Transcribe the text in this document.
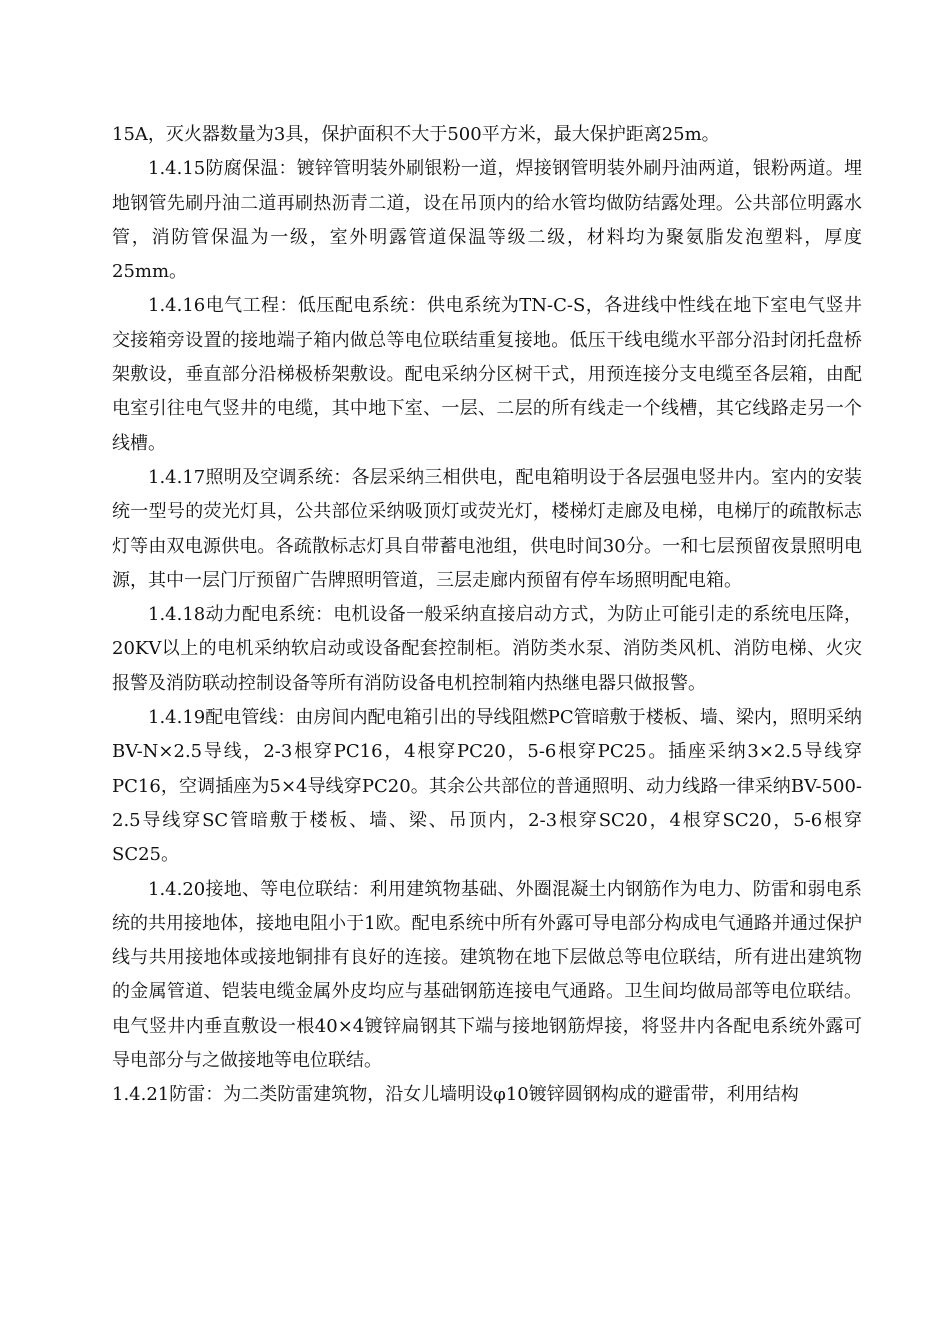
15A，灭火器数量为3具，保护面积不大于500平方米，最大保护距离25m。

1.4.15防腐保温：镀锌管明装外刷银粉一道，焊接钢管明装外刷丹油两道，银粉两道。埋地钢管先刷丹油二道再刷热沥青二道，设在吊顶内的给水管均做防结露处理。公共部位明露水管，消防管保温为一级，室外明露管道保温等级二级，材料均为聚氨脂发泡塑料，厚度25mm。

1.4.16电气工程：低压配电系统：供电系统为TN-C-S，各进线中性线在地下室电气竖井交接箱旁设置的接地端子箱内做总等电位联结重复接地。低压干线电缆水平部分沿封闭托盘桥架敷设，垂直部分沿梯极桥架敷设。配电采纳分区树干式，用预连接分支电缆至各层箱，由配电室引往电气竖井的电缆，其中地下室、一层、二层的所有线走一个线槽，其它线路走另一个线槽。

1.4.17照明及空调系统：各层采纳三相供电，配电箱明设于各层强电竖井内。室内的安装统一型号的荧光灯具，公共部位采纳吸顶灯或荧光灯，楼梯灯走廊及电梯，电梯厅的疏散标志灯等由双电源供电。各疏散标志灯具自带蓄电池组，供电时间30分。一和七层预留夜景照明电源，其中一层门厅预留广告牌照明管道，三层走廊内预留有停车场照明配电箱。

1.4.18动力配电系统：电机设备一般采纳直接启动方式，为防止可能引走的系统电压降，20KV以上的电机采纳软启动或设备配套控制柜。消防类水泵、消防类风机、消防电梯、火灾报警及消防联动控制设备等所有消防设备电机控制箱内热继电器只做报警。

1.4.19配电管线：由房间内配电箱引出的导线阻燃PC管暗敷于楼板、墙、梁内，照明采纳BV-N×2.5导线，2-3根穿PC16，4根穿PC20，5-6根穿PC25。插座采纳3×2.5导线穿PC16，空调插座为5×4导线穿PC20。其余公共部位的普通照明、动力线路一律采纳BV-500- 2.5导线穿SC管暗敷于楼板、墙、梁、吊顶内，2-3根穿SC20，4根穿SC20，5-6根穿SC25。

1.4.20接地、等电位联结：利用建筑物基础、外圈混凝土内钢筋作为电力、防雷和弱电系统的共用接地体，接地电阻小于1欧。配电系统中所有外露可导电部分构成电气通路并通过保护线与共用接地体或接地铜排有良好的连接。建筑物在地下层做总等电位联结，所有进出建筑物的金属管道、铠装电缆金属外皮均应与基础钢筋连接电气通路。卫生间均做局部等电位联结。电气竖井内垂直敷设一根40×4镀锌扁钢其下端与接地钢筋焊接，将竖井内各配电系统外露可导电部分与之做接地等电位联结。

1.4.21防雷：为二类防雷建筑物，沿女儿墙明设φ10镀锌圆钢构成的避雷带，利用结构
